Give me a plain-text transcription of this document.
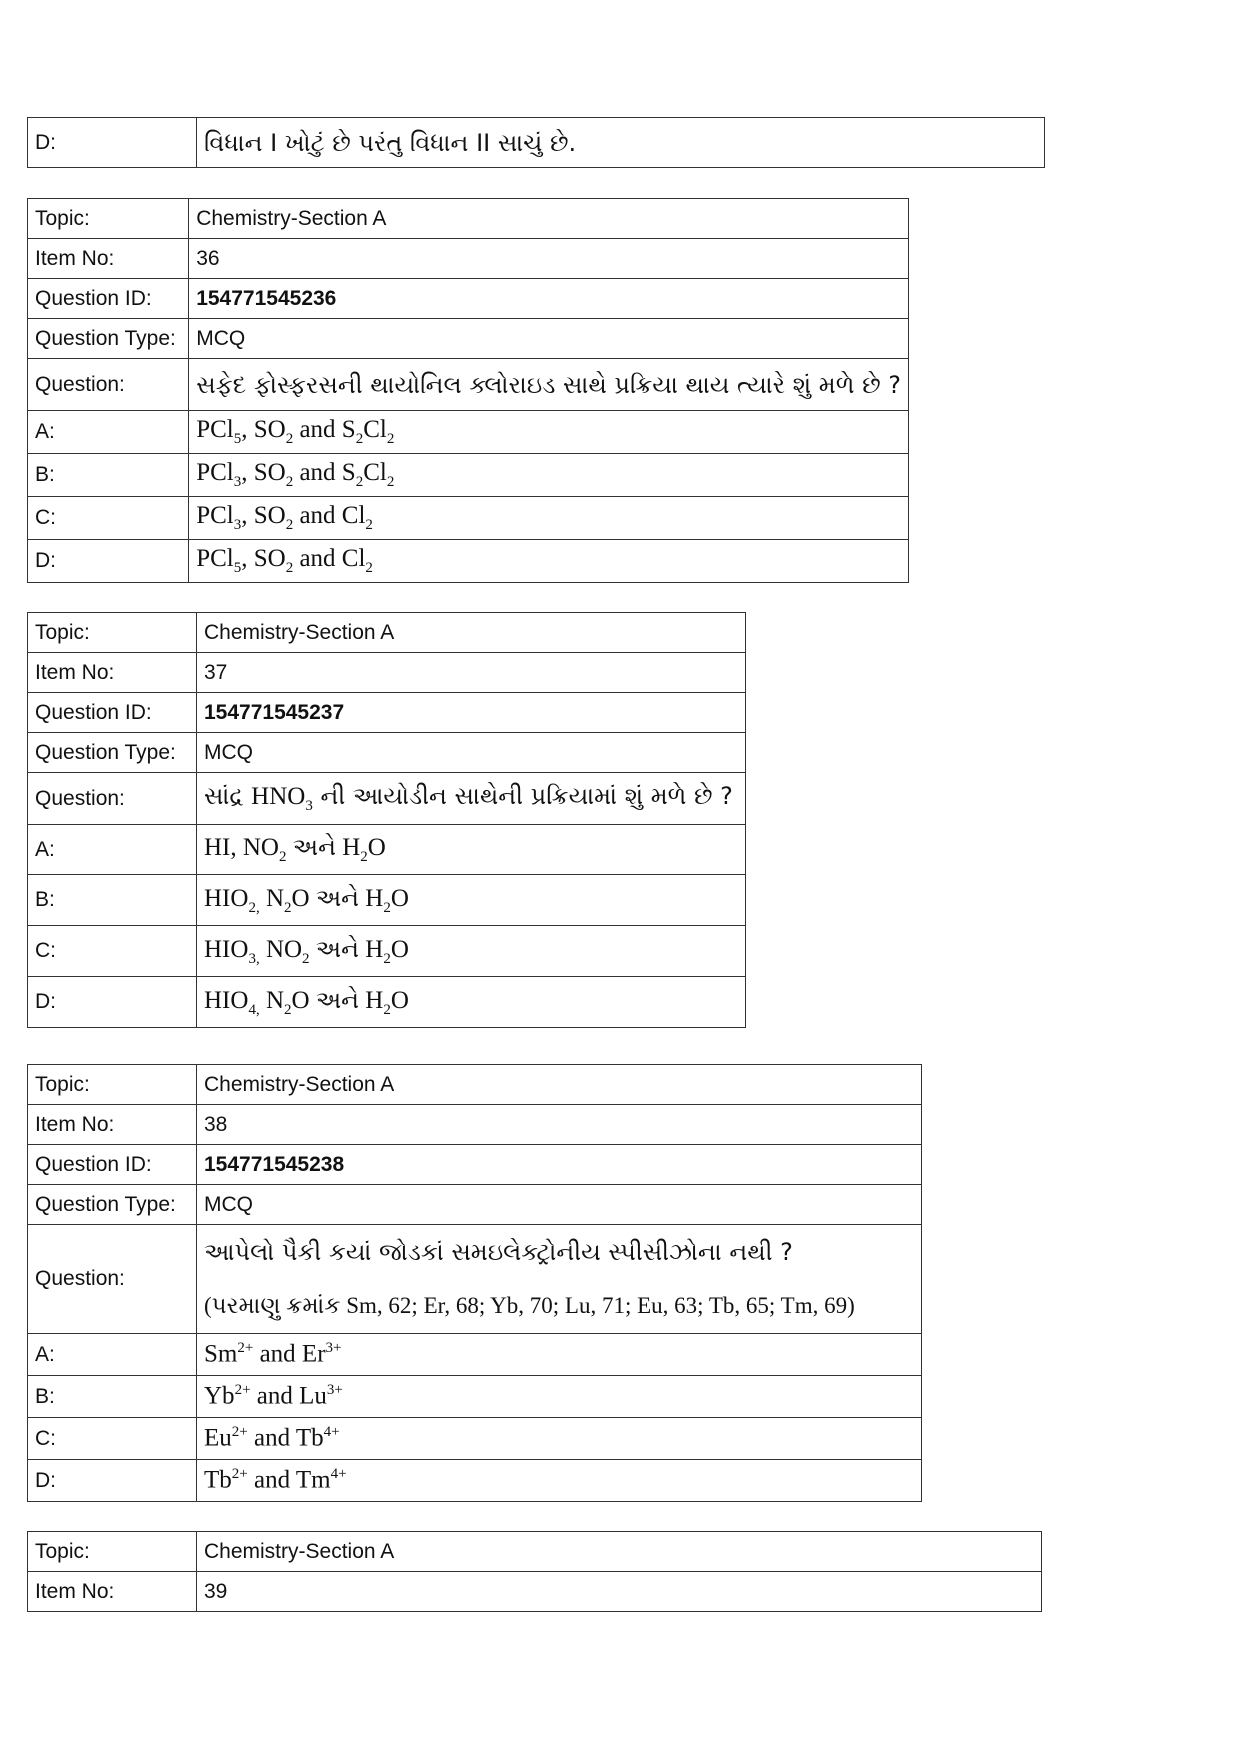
D:	વિધાન I ખોટું છે પરંતુ વિધાન II સાચું છે.
Topic:	Chemistry-Section A
Item No:	36
Question ID:	154771545236
Question Type:	MCQ
Question:	સફેદ ફોસ્ફરસની થાયોનિલ ક્લોરાઇડ સાથે પ્રક્રિયા થાય ત્યારે શું મળે છે ?
A:	PCl$_5$, $SO_2$ and $S_2Cl_2$
B:	PCl$_3$, $SO_2$ and $S_2Cl_2$
C:	PCl$_3$, $SO_2$ and $Cl_2$
D:	PCl$_5$, $SO_2$ and $Cl_2$
Topic:	Chemistry-Section A
Item No:	37
Question ID:	154771545237
Question Type:	MCQ
Question:	સાંદ્ર $HNO_3$ ની આયોડીન સાથેની પ્રક્રિયામાં શું મળે છે ?
A:	HI, $NO_2$ અને $H_2O$
B:	$HIO_{2,}$ $N_2O$ અને $H_2O$
C:	$HIO_{3,}$ $NO_2$ અને $H_2O$
D:	$HIO_{4,}$ $N_2O$ અને $H_2O$
Topic:	Chemistry-Section A
Item No:	38
Question ID:	154771545238
Question Type:	MCQ
Question:	આપેલો પૈકી કયાં જોડકાં સમઇલેક્ટ્રોનીય સ્પીસીઝોના નથી ?
(પરમાણુ ક્રમાંક Sm, 62; Er, 68; Yb, 70; Lu, 71; Eu, 63; Tb, 65; Tm, 69)

A:	$Sm^{2+}$ and $Er^{3+}$
B:	$Yb^{2+}$ and $Lu^{3+}$
C:	$Eu^{2+}$ and $Tb^{4+}$
D:	$Tb^{2+}$ and $Tm^{4+}$
Topic:	Chemistry-Section A
Item No:	39
